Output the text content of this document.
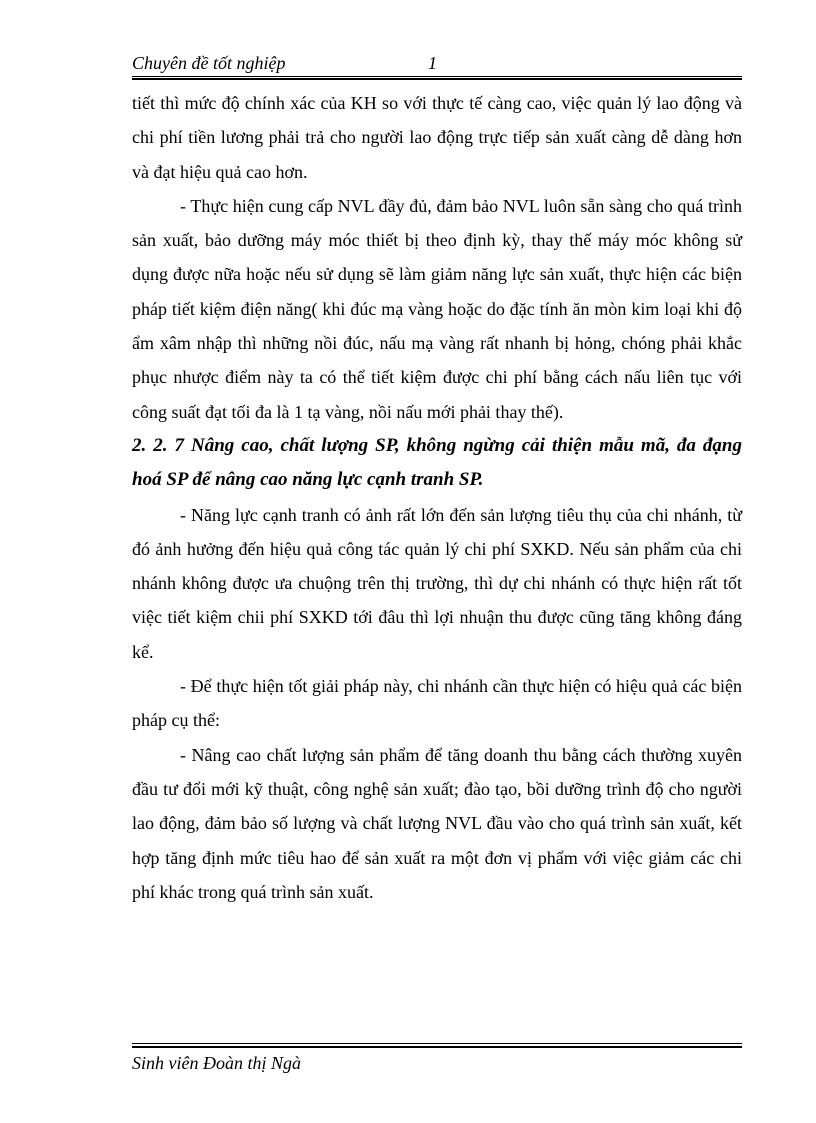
Chuyên đề tốt nghiệp	1

tiết thì mức độ chính xác của KH so với thực tế càng cao, việc quản lý lao động và chi phí tiền lương phải trả cho người lao động trực tiếp sản xuất càng dễ dàng hơn và đạt hiệu quả cao hơn.

- Thực hiện cung cấp NVL đầy đủ, đảm bảo NVL luôn sẵn sàng cho quá trình sản xuất, bảo dưỡng máy móc thiết bị theo định kỳ, thay thế máy móc không sử dụng được nữa hoặc nếu sử dụng sẽ làm giảm năng lực sản xuất, thực hiện các biện pháp tiết kiệm điện năng( khi đúc mạ vàng hoặc do đặc tính ăn mòn kim loại khi độ ẩm xâm nhập thì những nồi đúc, nấu mạ vàng rất nhanh bị hỏng, chóng phải khắc phục nhược điểm này ta có thể tiết kiệm được chi phí bằng cách nấu liên tục với công suất đạt tối đa là 1 tạ vàng, nồi nấu mới phải thay thế).

2. 2. 7 Nâng cao, chất lượng SP, không ngừng cải thiện mẫu mã, đa đạng hoá SP để nâng cao năng lực cạnh tranh SP.

- Năng lực cạnh tranh có ảnh rất lớn đến sản lượng tiêu thụ của chi nhánh, từ đó ảnh hưởng đến hiệu quả công tác quản lý chi phí SXKD. Nếu sản phẩm của chi nhánh không được ưa chuộng trên thị trường, thì dự chi nhánh có thực hiện rất tốt việc tiết kiệm chii phí SXKD tới đâu thì lợi nhuận thu được cũng tăng không đáng kể.

- Để thực hiện tốt giải pháp này, chi nhánh cần thực hiện có hiệu quả các biện pháp cụ thể:

- Nâng cao chất lượng sản phẩm để tăng doanh thu bằng cách thường xuyên đầu tư đổi mới kỹ thuật, công nghệ sản xuất; đào tạo, bồi dưỡng trình độ cho người lao động, đảm bảo số lượng và chất lượng NVL đầu vào cho quá trình sản xuất, kết hợp tăng định mức tiêu hao để sản xuất ra một đơn vị phẩm với việc giảm các chi phí khác trong quá trình sản xuất.

Sinh viên Đoàn thị Ngà
